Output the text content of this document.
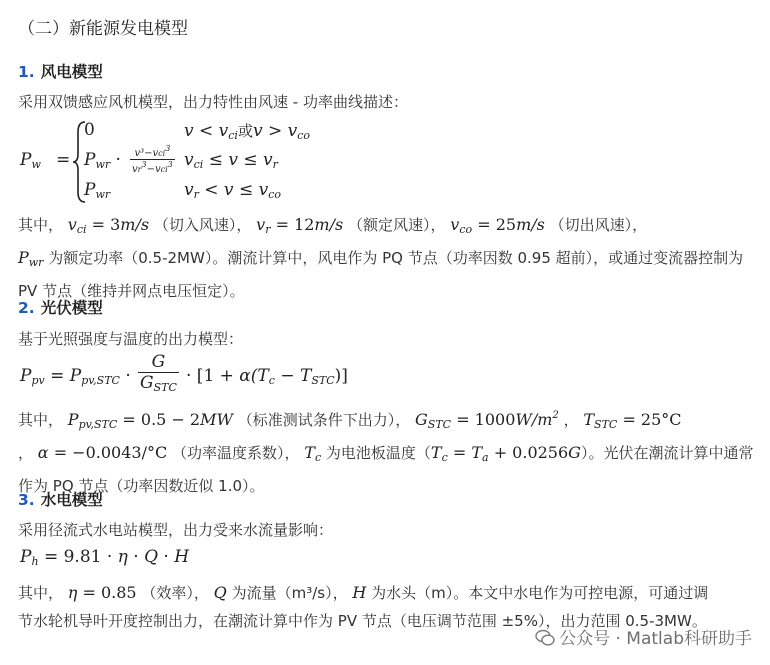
（二）新能源发电模型
1. 风电模型
采用双馈感应风机模型，出力特性由风速 - 功率曲线描述：
$P_w$ =
0	$v < v_{ci}$或$v > v_{co}$
$P_{wr}$ ·	v³−vci$^3$
$vr^3-vci^3$ $v_{ci} \le v \le v_r$
$P_{wr}$	$v_r < v \le v_{co}$
其中， $v_{ci} = 3m/s$ （切入风速）， $v_r = 12m/s$ （额定风速）， $v_{co} = 25m/s$ （切出风速），
$P_{wr}$ 为额定功率（0.5-2MW）。潮流计算中，风电作为 PQ 节点（功率因数 0.95 超前），或通过变流器控制为 PV 节点（维持并网点电压恒定）。
2. 光伏模型
基于光照强度与温度的出力模型：
$P_{pv} = P_{pv,STC}$ ·
G
$G_{STC}$
· $[1 + \alpha(T_c - T_{STC})]$
其中， $P_{pv,STC} = 0.5 - 2MW$ （标准测试条件下出力）， $G_{STC} = 1000W/m^2$ ， $T_{STC} = 25^\circ C$
， α = −0.0043/°C （功率温度系数）， $T_c$ 为电池板温度$(T_c = T_a + 0.0256G)$。光伏在潮流计算中通常作为 PQ 节点（功率因数近似 1.0）。
3. 水电模型
采用径流式水电站模型，出力受来水流量影响：
$P_h = 9.81 \cdot \eta \cdot Q \cdot H$
其中， η = 0.85 （效率）， Q 为流量（m³/s）， H 为水头（m）。本文中水电作为可控电源，可通过调节水轮机导叶开度控制出力，在潮流计算中作为 PV 节点（电压调节范围 ±5%），出力范围 0.5-3MW。
公众号 · Matlab科研助手
